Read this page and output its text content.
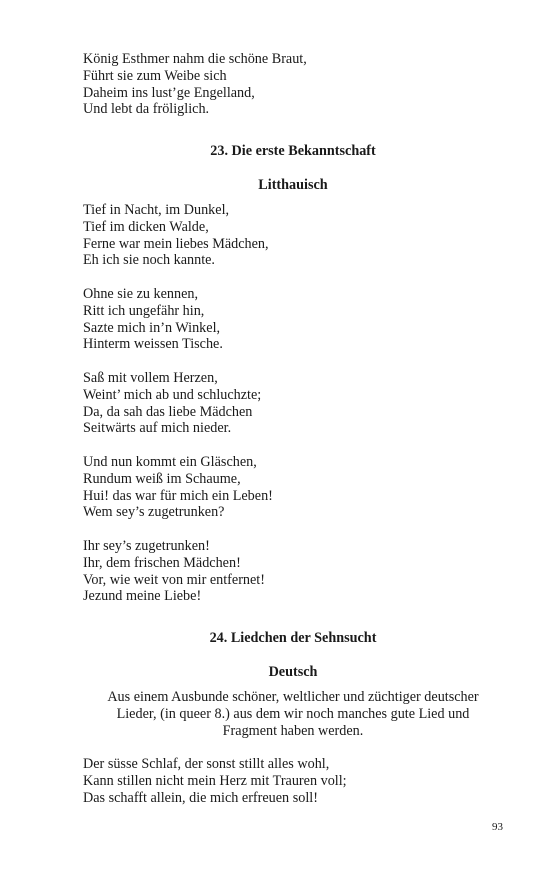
König Esthmer nahm die schöne Braut,
Führt sie zum Weibe sich
Daheim ins lust’ge Engelland,
Und lebt da fröliglich.
23. Die erste Bekanntschaft
Litthauisch
Tief in Nacht, im Dunkel,
Tief im dicken Walde,
Ferne war mein liebes Mädchen,
Eh ich sie noch kannte.
Ohne sie zu kennen,
Ritt ich ungefähr hin,
Sazte mich in’n Winkel,
Hinterm weissen Tische.
Saß mit vollem Herzen,
Weint’ mich ab und schluchzte;
Da, da sah das liebe Mädchen
Seitwärts auf mich nieder.
Und nun kommt ein Gläschen,
Rundum weiß im Schaume,
Hui! das war für mich ein Leben!
Wem sey’s zugetrunken?
Ihr sey’s zugetrunken!
Ihr, dem frischen Mädchen!
Vor, wie weit von mir entfernet!
Jezund meine Liebe!
24. Liedchen der Sehnsucht
Deutsch
Aus einem Ausbunde schöner, weltlicher und züchtiger deutscher
Lieder, (in queer 8.) aus dem wir noch manches gute Lied und
Fragment haben werden.
Der süsse Schlaf, der sonst stillt alles wohl,
Kann stillen nicht mein Herz mit Trauren voll;
Das schafft allein, die mich erfreuen soll!
93
